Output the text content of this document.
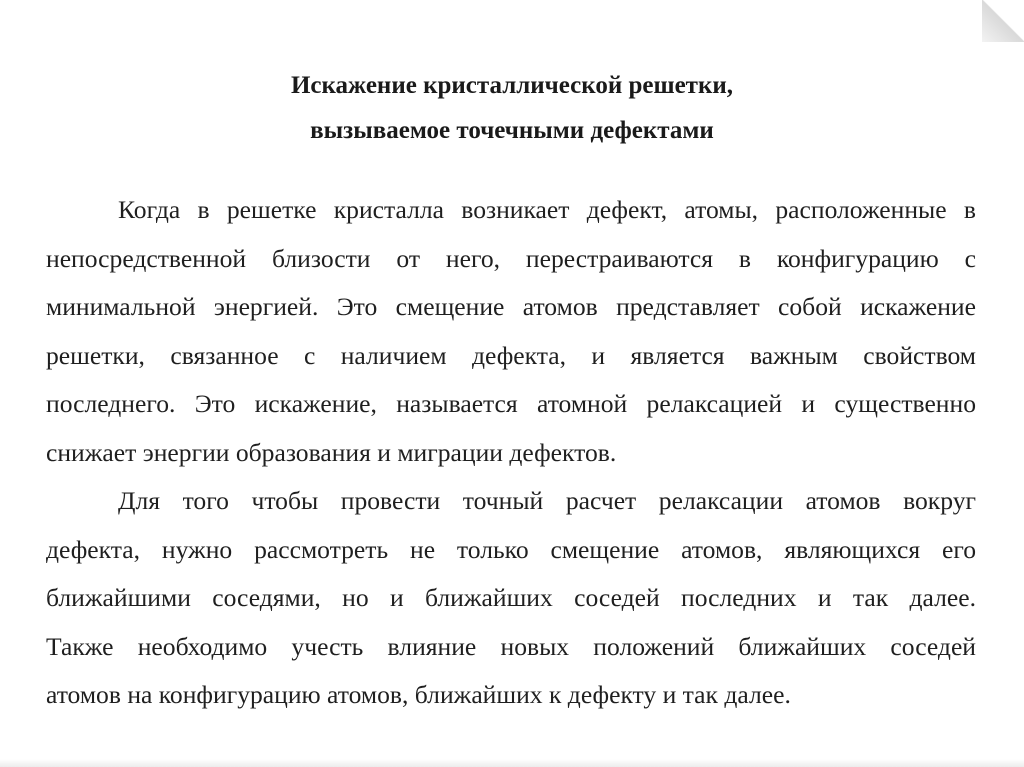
Искажение кристаллической решетки,
вызываемое точечными дефектами
Когда в решетке кристалла возникает дефект, атомы, расположенные в
непосредственной близости от него, перестраиваются в конфигурацию с
минимальной энергией. Это смещение атомов представляет собой искажение
решетки, связанное с наличием дефекта, и является важным свойством
последнего. Это искажение, называется атомной релаксацией и существенно
снижает энергии образования и миграции дефектов.
Для того чтобы провести точный расчет релаксации атомов вокруг
дефекта, нужно рассмотреть не только смещение атомов, являющихся его
ближайшими соседями, но и ближайших соседей последних и так далее.
Также необходимо учесть влияние новых положений ближайших соседей
атомов на конфигурацию атомов, ближайших к дефекту и так далее.
